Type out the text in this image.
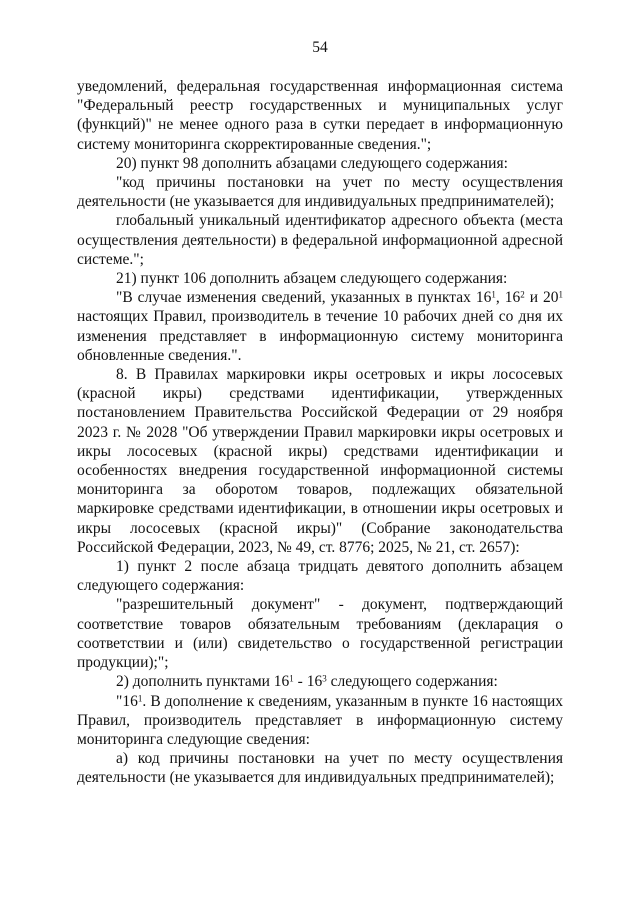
54

уведомлений, федеральная государственная информационная система "Федеральный реестр государственных и муниципальных услуг (функций)" не менее одного раза в сутки передает в информационную систему мониторинга скорректированные сведения.";

20) пункт 98 дополнить абзацами следующего содержания:

"код причины постановки на учет по месту осуществления деятельности (не указывается для индивидуальных предпринимателей);

глобальный уникальный идентификатор адресного объекта (места осуществления деятельности) в федеральной информационной адресной системе.";

21) пункт 106 дополнить абзацем следующего содержания:

"В случае изменения сведений, указанных в пунктах $16^1$, $16^2$ и $20^1$ настоящих Правил, производитель в течение 10 рабочих дней со дня их изменения представляет в информационную систему мониторинга обновленные сведения.".

8. В Правилах маркировки икры осетровых и икры лососевых (красной икры) средствами идентификации, утвержденных постановлением Правительства Российской Федерации от 29 ноября 2023 г. № 2028 "Об утверждении Правил маркировки икры осетровых и икры лососевых (красной икры) средствами идентификации и особенностях внедрения государственной информационной системы мониторинга за оборотом товаров, подлежащих обязательной маркировке средствами идентификации, в отношении икры осетровых и икры лососевых (красной икры)" (Собрание законодательства Российской Федерации, 2023, № 49, ст. 8776; 2025, № 21, ст. 2657):

1) пункт 2 после абзаца тридцать девятого дополнить абзацем следующего содержания:

"разрешительный документ" - документ, подтверждающий соответствие товаров обязательным требованиям (декларация о соответствии и (или) свидетельство о государственной регистрации продукции);";

2) дополнить пунктами $16^1 - 16^3$ следующего содержания:

"$16^1$. В дополнение к сведениям, указанным в пункте 16 настоящих Правил, производитель представляет в информационную систему мониторинга следующие сведения:

а) код причины постановки на учет по месту осуществления деятельности (не указывается для индивидуальных предпринимателей);
